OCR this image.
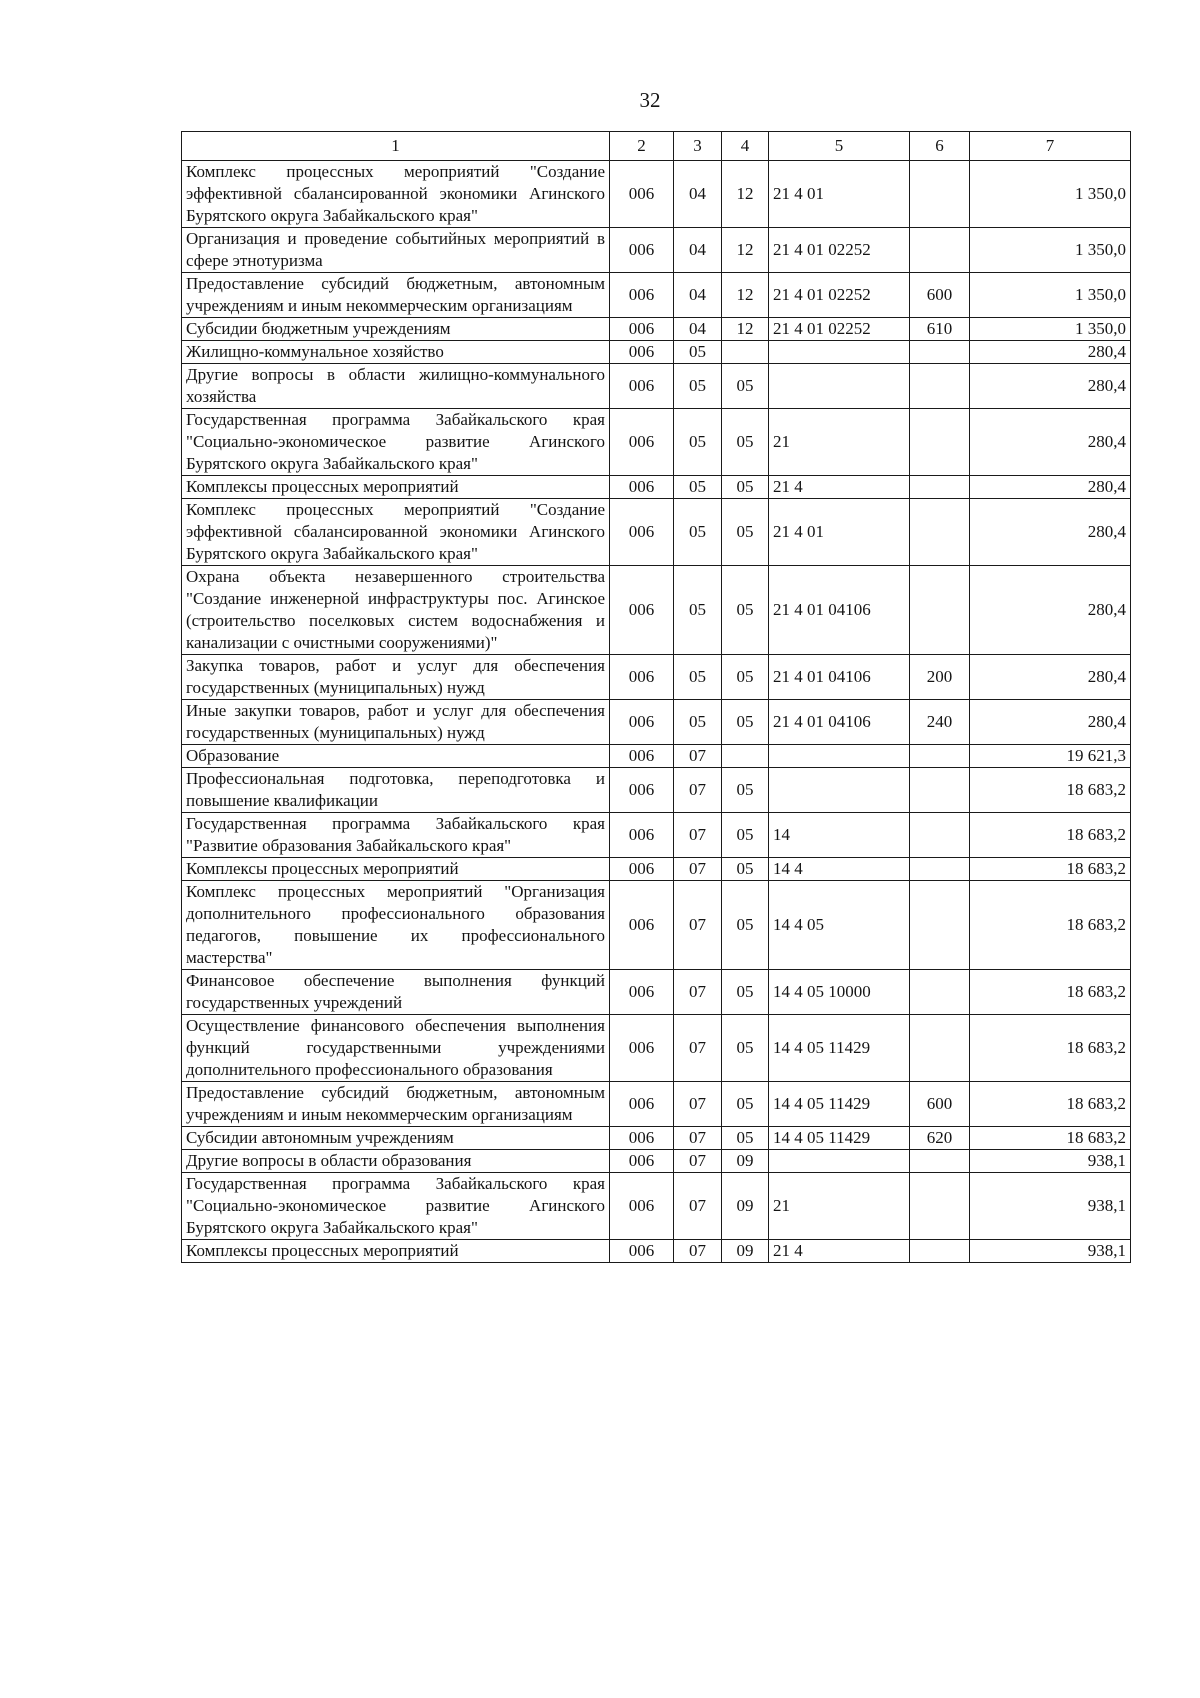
32
1	2	3	4	5	6	7
Комплекс процессных мероприятий "Создание эффективной сбалансированной экономики Агинского Бурятского округа Забайкальского края"	006	04	12	21 4 01		1 350,0
Организация и проведение событийных мероприятий в сфере этнотуризма	006	04	12	21 4 01 02252		1 350,0
Предоставление субсидий бюджетным, автономным учреждениям и иным некоммерческим организациям	006	04	12	21 4 01 02252	600	1 350,0
Субсидии бюджетным учреждениям	006	04	12	21 4 01 02252	610	1 350,0
Жилищно-коммунальное хозяйство	006	05				280,4
Другие вопросы в области жилищно-коммунального хозяйства	006	05	05			280,4
Государственная программа Забайкальского края "Социально-экономическое развитие Агинского Бурятского округа Забайкальского края"	006	05	05	21		280,4
Комплексы процессных мероприятий	006	05	05	21 4		280,4
Комплекс процессных мероприятий "Создание эффективной сбалансированной экономики Агинского Бурятского округа Забайкальского края"	006	05	05	21 4 01		280,4
Охрана объекта незавершенного строительства "Создание инженерной инфраструктуры пос. Агинское (строительство поселковых систем водоснабжения и канализации с очистными сооружениями)"	006	05	05	21 4 01 04106		280,4
Закупка товаров, работ и услуг для обеспечения государственных (муниципальных) нужд	006	05	05	21 4 01 04106	200	280,4
Иные закупки товаров, работ и услуг для обеспечения государственных (муниципальных) нужд	006	05	05	21 4 01 04106	240	280,4
Образование	006	07				19 621,3
Профессиональная подготовка, переподготовка и повышение квалификации	006	07	05			18 683,2
Государственная программа Забайкальского края "Развитие образования Забайкальского края"	006	07	05	14		18 683,2
Комплексы процессных мероприятий	006	07	05	14 4		18 683,2
Комплекс процессных мероприятий "Организация дополнительного профессионального образования педагогов, повышение их профессионального мастерства"	006	07	05	14 4 05		18 683,2
Финансовое обеспечение выполнения функций государственных учреждений	006	07	05	14 4 05 10000		18 683,2
Осуществление финансового обеспечения выполнения функций государственными учреждениями дополнительного профессионального образования	006	07	05	14 4 05 11429		18 683,2
Предоставление субсидий бюджетным, автономным учреждениям и иным некоммерческим организациям	006	07	05	14 4 05 11429	600	18 683,2
Субсидии автономным учреждениям	006	07	05	14 4 05 11429	620	18 683,2
Другие вопросы в области образования	006	07	09			938,1
Государственная программа Забайкальского края "Социально-экономическое развитие Агинского Бурятского округа Забайкальского края"	006	07	09	21		938,1
Комплексы процессных мероприятий	006	07	09	21 4		938,1
